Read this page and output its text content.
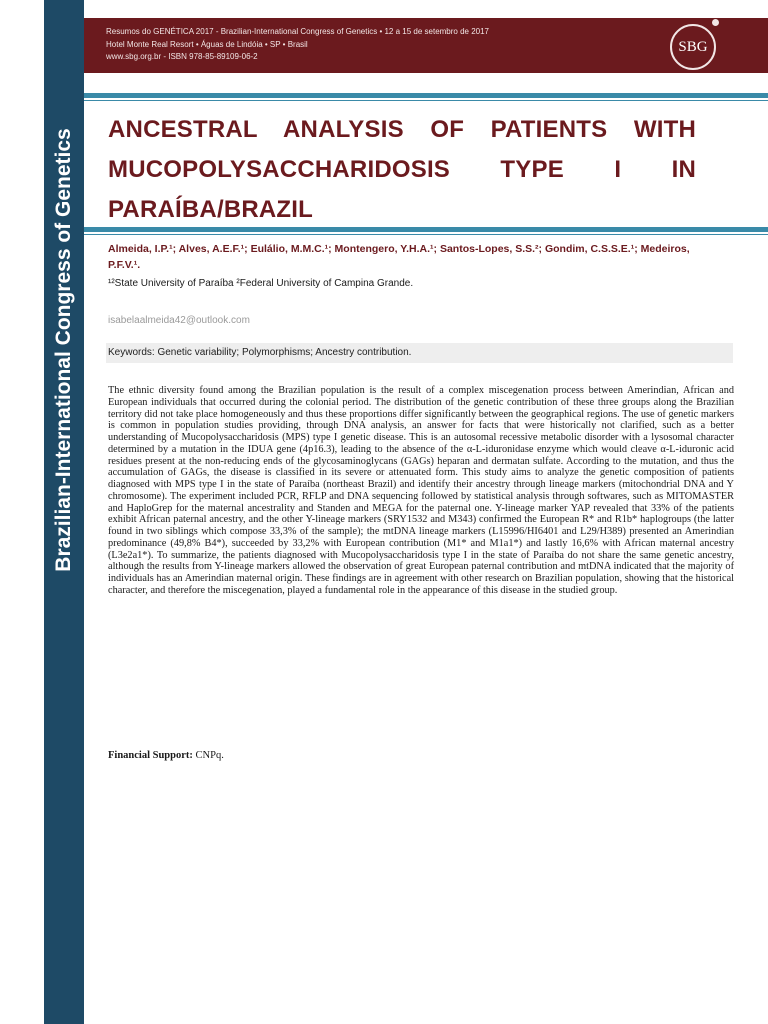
Brazilian-International Congress of Genetics
Resumos do GENÉTICA 2017 - Brazilian-International Congress of Genetics • 12 a 15 de setembro de 2017
Hotel Monte Real Resort • Águas de Lindóia • SP • Brasil
www.sbg.org.br - ISBN 978-85-89109-06-2
SBG
ANCESTRAL ANALYSIS OF PATIENTS WITH MUCOPOLYSACCHARIDOSIS TYPE I IN PARAÍBA/BRAZIL
Almeida, I.P.¹; Alves, A.E.F.¹; Eulálio, M.M.C.¹; Montengero, Y.H.A.¹; Santos-Lopes, S.S.²; Gondim, C.S.S.E.¹; Medeiros, P.F.V.¹.
¹²State University of Paraíba ²Federal University of Campina Grande.
isabelaalmeida42@outlook.com
Keywords: Genetic variability; Polymorphisms; Ancestry contribution.

The ethnic diversity found among the Brazilian population is the result of a complex miscegenation process between Amerindian, African and European individuals that occurred during the colonial period. The distribution of the genetic contribution of these three groups along the Brazilian territory did not take place homogeneously and thus these proportions differ significantly between the geographical regions. The use of genetic markers is common in population studies providing, through DNA analysis, an answer for facts that were historically not clarified, such as a better understanding of Mucopolysaccharidosis (MPS) type I genetic disease. This is an autosomal recessive metabolic disorder with a lysosomal character determined by a mutation in the IDUA gene (4p16.3), leading to the absence of the α-L-iduronidase enzyme which would cleave α-L-iduronic acid residues present at the non-reducing ends of the glycosaminoglycans (GAGs) heparan and dermatan sulfate. According to the mutation, and thus the accumulation of GAGs, the disease is classified in its severe or attenuated form. This study aims to analyze the genetic composition of patients diagnosed with MPS type I in the state of Paraíba (northeast Brazil) and identify their ancestry through lineage markers (mitochondrial DNA and Y chromosome). The experiment included PCR, RFLP and DNA sequencing followed by statistical analysis through softwares, such as MITOMASTER and HaploGrep for the maternal ancestrality and Standen and MEGA for the paternal one. Y-lineage marker YAP revealed that 33% of the patients exhibit African paternal ancestry, and the other Y-lineage markers (SRY1532 and M343) confirmed the European R* and R1b* haplogroups (the latter found in two siblings which compose 33,3% of the sample); the mtDNA lineage markers (L15996/HI6401 and L29/H389) presented an Amerindian predominance (49,8% B4*), succeeded by 33,2% with European contribution (M1* and M1a1*) and lastly 16,6% with African maternal ancestry (L3e2a1*). To summarize, the patients diagnosed with Mucopolysaccharidosis type I in the state of Paraíba do not share the same genetic ancestry, although the results from Y-lineage markers allowed the observation of great European paternal contribution and mtDNA indicated that the majority of individuals has an Amerindian maternal origin. These findings are in agreement with other research on Brazilian population, showing that the historical character, and therefore the miscegenation, played a fundamental role in the appearance of this disease in the studied group.

Financial Support: CNPq.
